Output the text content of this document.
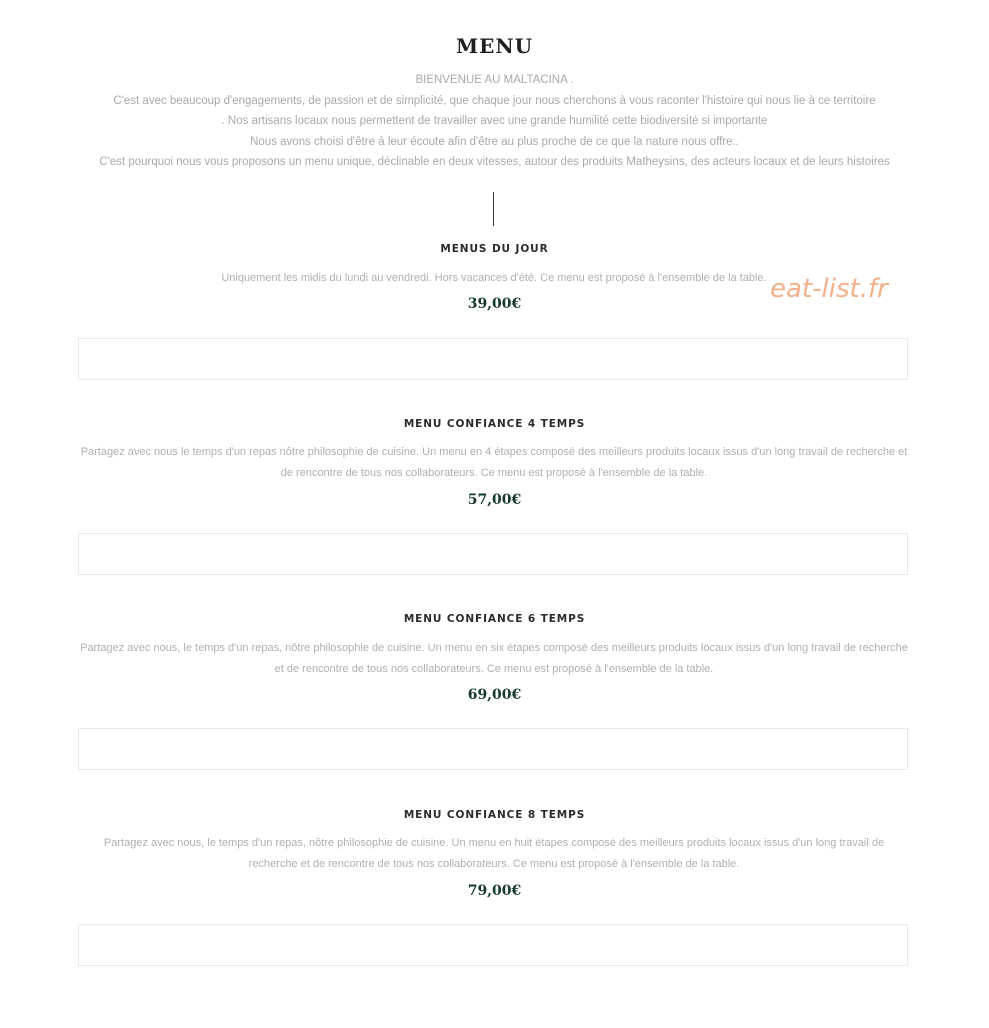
MENU
BIENVENUE AU MALTACINA .
C'est avec beaucoup d'engagements, de passion et de simplicité, que chaque jour nous cherchons à vous raconter l'histoire qui nous lie à ce territoire
. Nos artisans locaux nous permettent de travailler avec une grande humilité cette biodiversité si importante
Nous avons choisi d'être à leur écoute afin d'être au plus proche de ce que la nature nous offre..
C'est pourquoi nous vous proposons un menu unique, déclinable en deux vitesses, autour des produits Matheysins, des acteurs locaux et de leurs histoires
MENUS DU JOUR
Uniquement les midis du lundi au vendredi. Hors vacances d'été. Ce menu est proposé à l'ensemble de la table.
39,00€
MENU CONFIANCE 4 TEMPS
Partagez avec nous le temps d'un repas nôtre philosophie de cuisine. Un menu en 4 étapes composé des meilleurs produits locaux issus d'un long travail de recherche et de rencontre de tous nos collaborateurs. Ce menu est proposé à l'ensemble de la table.
57,00€
MENU CONFIANCE 6 TEMPS
Partagez avec nous, le temps d'un repas, nôtre philosophie de cuisine. Un menu en six étapes composé des meilleurs produits locaux issus d'un long travail de recherche et de rencontre de tous nos collaborateurs. Ce menu est proposé à l'ensemble de la table.
69,00€
MENU CONFIANCE 8 TEMPS
Partagez avec nous, le temps d'un repas, nôtre philosophie de cuisine. Un menu en huit étapes composé des meilleurs produits locaux issus d'un long travail de recherche et de rencontre de tous nos collaborateurs. Ce menu est proposé à l'ensemble de la table.
79,00€
eat-list.fr
